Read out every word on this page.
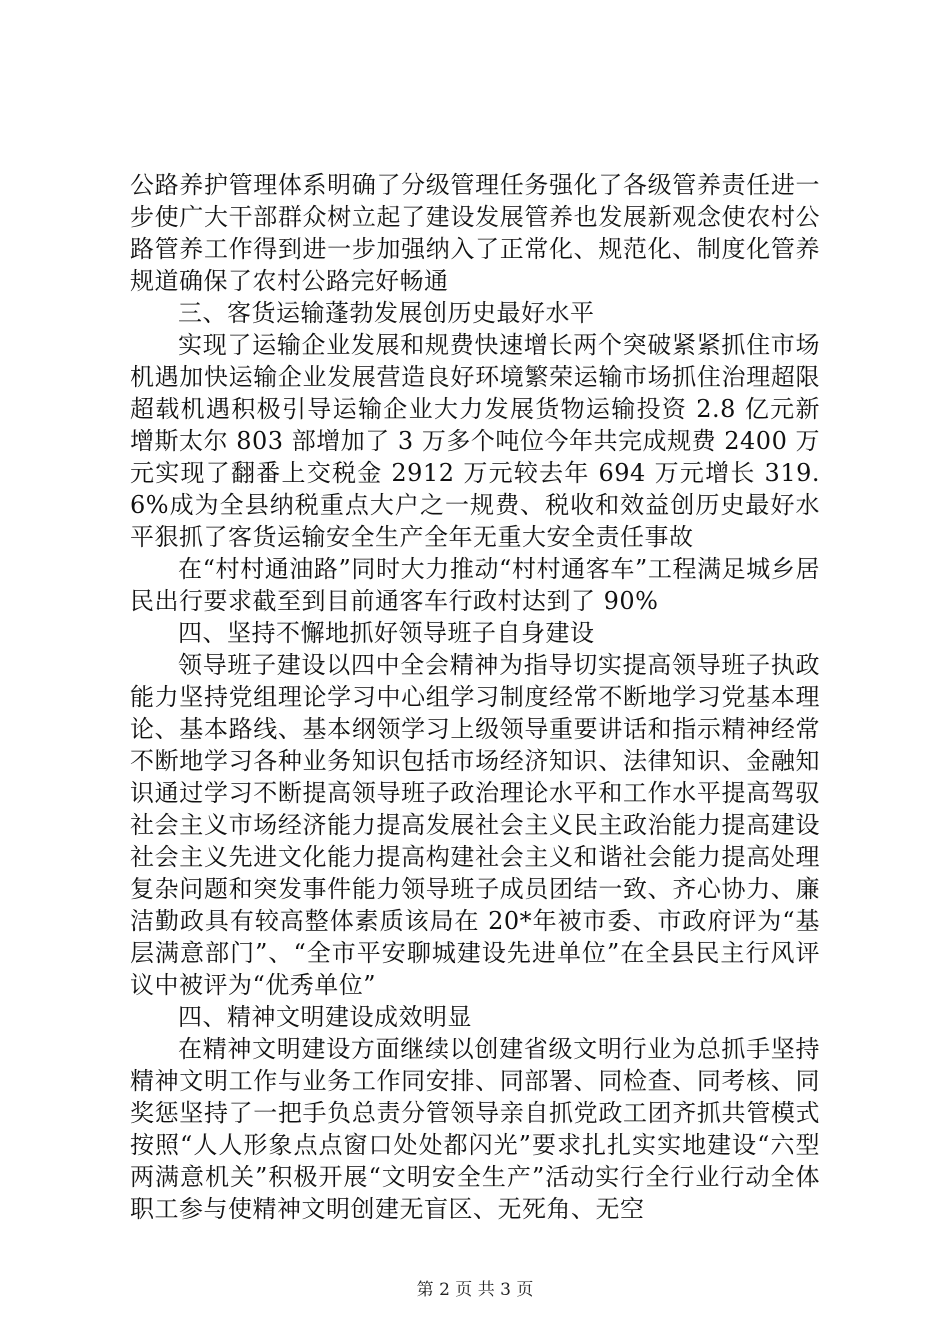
公路养护管理体系明确了分级管理任务强化了各级管养责任进一步使广大干部群众树立起了建设发展管养也发展新观念使农村公路管养工作得到进一步加强纳入了正常化、规范化、制度化管养规道确保了农村公路完好畅通

三、客货运输蓬勃发展创历史最好水平

实现了运输企业发展和规费快速增长两个突破紧紧抓住市场机遇加快运输企业发展营造良好环境繁荣运输市场抓住治理超限超载机遇积极引导运输企业大力发展货物运输投资 2.8 亿元新增斯太尔 803 部增加了 3 万多个吨位今年共完成规费 2400 万元实现了翻番上交税金 2912 万元较去年 694 万元增长 319.6%成为全县纳税重点大户之一规费、税收和效益创历史最好水平狠抓了客货运输安全生产全年无重大安全责任事故

在“村村通油路”同时大力推动“村村通客车”工程满足城乡居民出行要求截至到目前通客车行政村达到了 90%

四、坚持不懈地抓好领导班子自身建设

领导班子建设以四中全会精神为指导切实提高领导班子执政能力坚持党组理论学习中心组学习制度经常不断地学习党基本理论、基本路线、基本纲领学习上级领导重要讲话和指示精神经常不断地学习各种业务知识包括市场经济知识、法律知识、金融知识通过学习不断提高领导班子政治理论水平和工作水平提高驾驭社会主义市场经济能力提高发展社会主义民主政治能力提高建设社会主义先进文化能力提高构建社会主义和谐社会能力提高处理复杂问题和突发事件能力领导班子成员团结一致、齐心协力、廉洁勤政具有较高整体素质该局在 20*年被市委、市政府评为“基层满意部门”、“全市平安聊城建设先进单位”在全县民主行风评议中被评为“优秀单位”

四、精神文明建设成效明显

在精神文明建设方面继续以创建省级文明行业为总抓手坚持精神文明工作与业务工作同安排、同部署、同检查、同考核、同奖惩坚持了一把手负总责分管领导亲自抓党政工团齐抓共管模式按照“人人形象点点窗口处处都闪光”要求扎扎实实地建设“六型两满意机关”积极开展“文明安全生产”活动实行全行业行动全体职工参与使精神文明创建无盲区、无死角、无空

第 2 页 共 3 页
